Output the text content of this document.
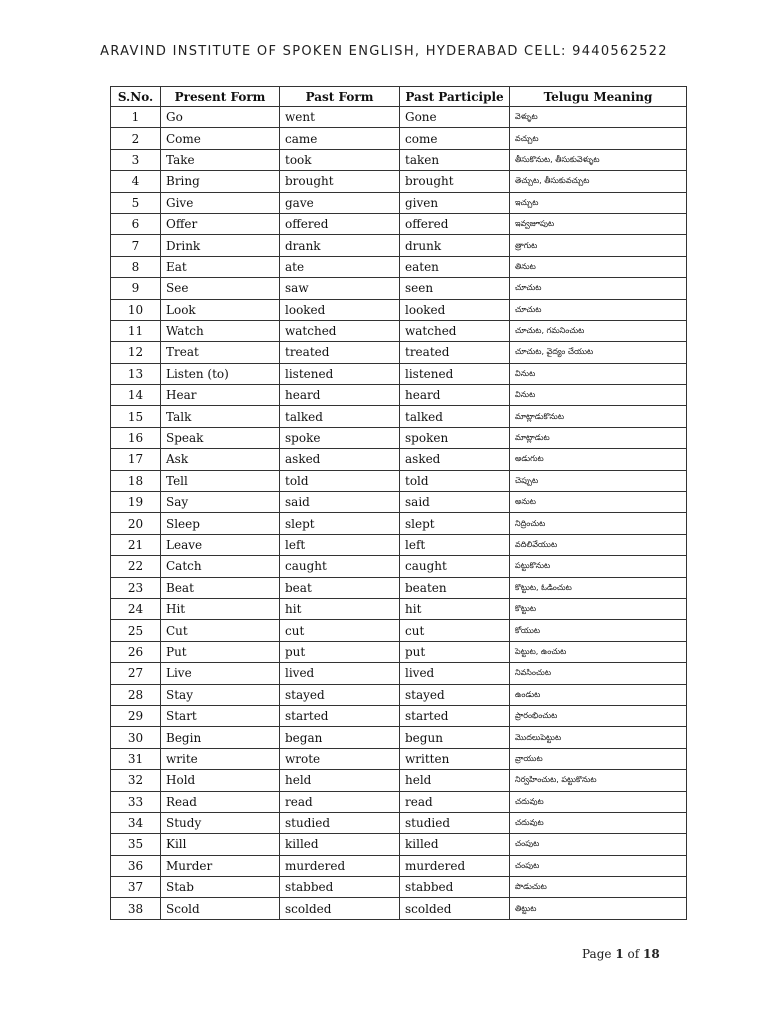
ARAVIND INSTITUTE OF SPOKEN ENGLISH, HYDERABAD CELL: 9440562522
S.No.	Present Form	Past Form	Past Participle	Telugu Meaning
1	Go	went	Gone	వెళ్ళుట
2	Come	came	come	వచ్చుట
3	Take	took	taken	తీసుకొనుట, తీసుకువెళ్ళుట
4	Bring	brought	brought	తెచ్చుట, తీసుకువచ్చుట
5	Give	gave	given	ఇచ్చుట
6	Offer	offered	offered	ఇవ్వజూపుట
7	Drink	drank	drunk	త్రాగుట
8	Eat	ate	eaten	తినుట
9	See	saw	seen	చూచుట
10	Look	looked	looked	చూచుట
11	Watch	watched	watched	చూచుట, గమనించుట
12	Treat	treated	treated	చూచుట, వైద్యం చేయుట
13	Listen (to)	listened	listened	వినుట
14	Hear	heard	heard	వినుట
15	Talk	talked	talked	మాట్లాడుకొనుట
16	Speak	spoke	spoken	మాట్లాడుట
17	Ask	asked	asked	అడుగుట
18	Tell	told	told	చెప్పుట
19	Say	said	said	అనుట
20	Sleep	slept	slept	నిద్రించుట
21	Leave	left	left	వదిలివేయుట
22	Catch	caught	caught	పట్టుకొనుట
23	Beat	beat	beaten	కొట్టుట, ఓడించుట
24	Hit	hit	hit	కొట్టుట
25	Cut	cut	cut	కోయుట
26	Put	put	put	పెట్టుట, ఉంచుట
27	Live	lived	lived	నివసించుట
28	Stay	stayed	stayed	ఉండుట
29	Start	started	started	ప్రారంభించుట
30	Begin	began	begun	మొదలుపెట్టుట
31	write	wrote	written	వ్రాయుట
32	Hold	held	held	నిర్వహించుట, పట్టుకొనుట
33	Read	read	read	చదువుట
34	Study	studied	studied	చదువుట
35	Kill	killed	killed	చంపుట
36	Murder	murdered	murdered	చంపుట
37	Stab	stabbed	stabbed	పొడుచుట
38	Scold	scolded	scolded	తిట్టుట
Page 1 of 18
